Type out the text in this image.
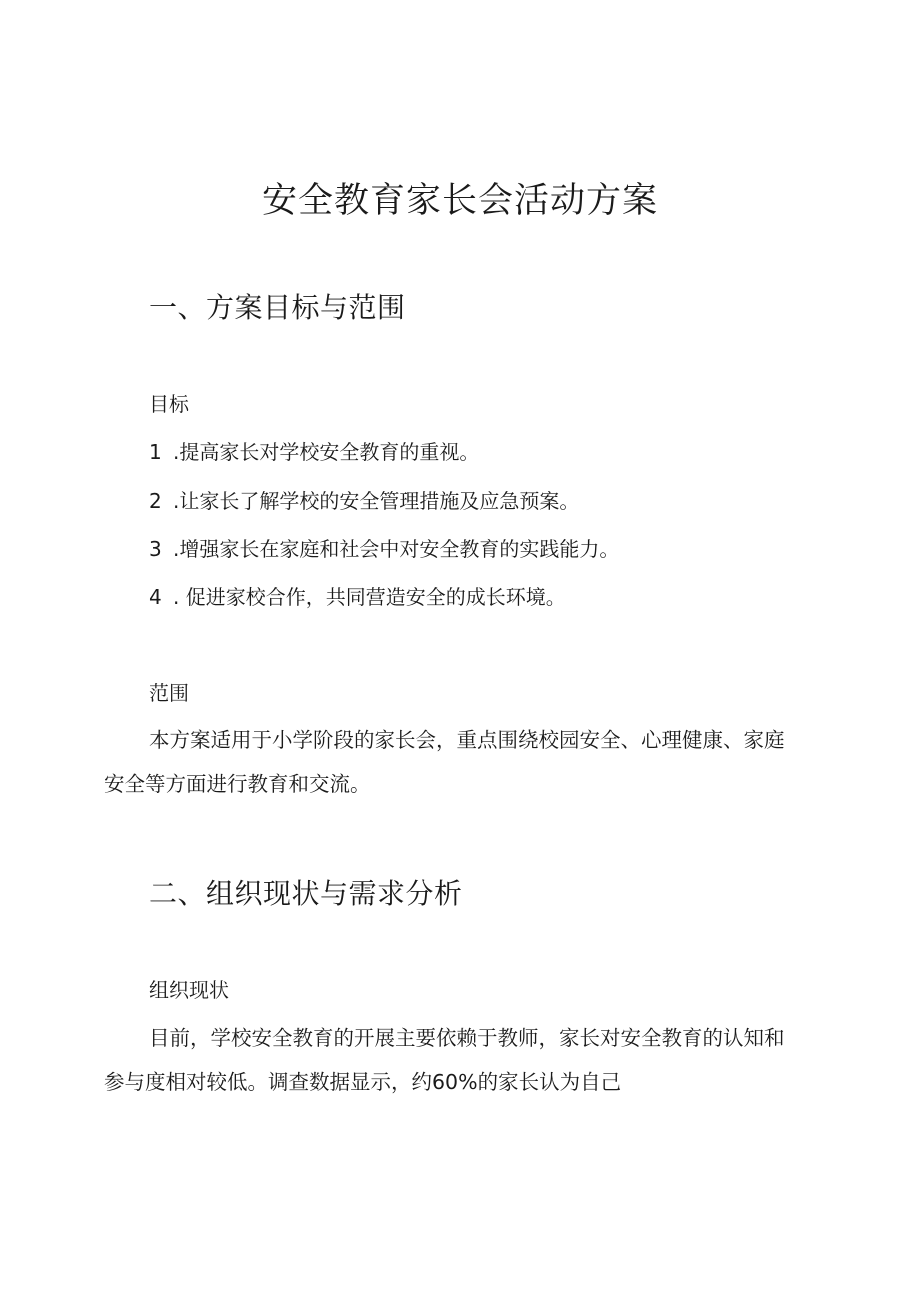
安全教育家长会活动方案
一、方案目标与范围

目标

1 .提高家长对学校安全教育的重视。

2 .让家长了解学校的安全管理措施及应急预案。

3 .增强家长在家庭和社会中对安全教育的实践能力。

4 . 促进家校合作，共同营造安全的成长环境。

范围

本方案适用于小学阶段的家长会，重点围绕校园安全、心理健康、家庭安全等方面进行教育和交流。

二、组织现状与需求分析

组织现状

目前，学校安全教育的开展主要依赖于教师，家长对安全教育的认知和参与度相对较低。调查数据显示，约60%的家长认为自己
